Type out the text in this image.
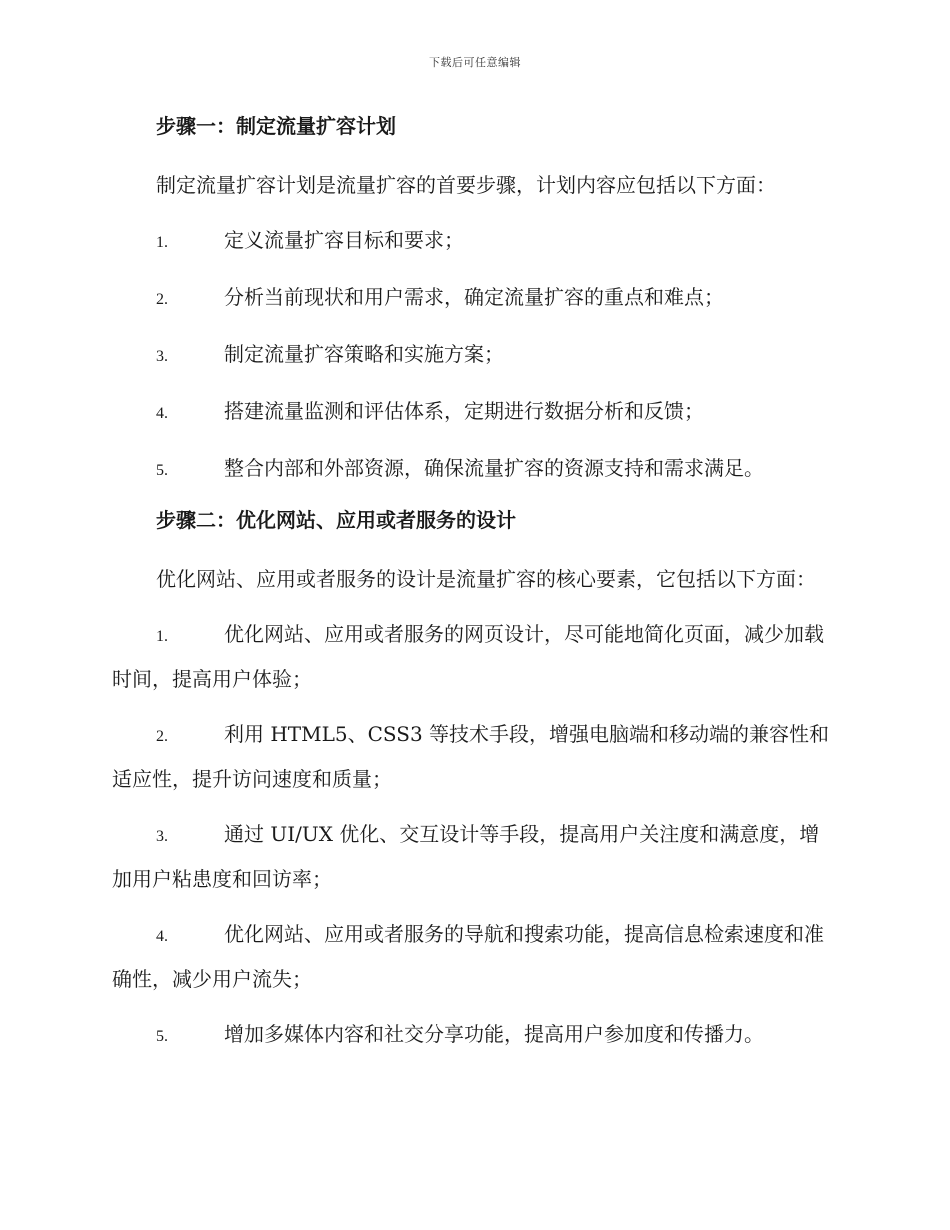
下载后可任意编辑
步骤一：制定流量扩容计划

制定流量扩容计划是流量扩容的首要步骤，计划内容应包括以下方面：

1.	定义流量扩容目标和要求；
2.	分析当前现状和用户需求，确定流量扩容的重点和难点；
3.	制定流量扩容策略和实施方案；
4.	搭建流量监测和评估体系，定期进行数据分析和反馈；
5.	整合内部和外部资源，确保流量扩容的资源支持和需求满足。
步骤二：优化网站、应用或者服务的设计

优化网站、应用或者服务的设计是流量扩容的核心要素，它包括以下方面：

1.	优化网站、应用或者服务的网页设计，尽可能地简化页面，减少加载时间，提高用户体验；
2.	利用 HTML5、CSS3 等技术手段，增强电脑端和移动端的兼容性和适应性，提升访问速度和质量；
3.	通过 UI/UX 优化、交互设计等手段，提高用户关注度和满意度，增加用户粘患度和回访率；
4.	优化网站、应用或者服务的导航和搜索功能，提高信息检索速度和准确性，减少用户流失；
5.	增加多媒体内容和社交分享功能，提高用户参加度和传播力。
